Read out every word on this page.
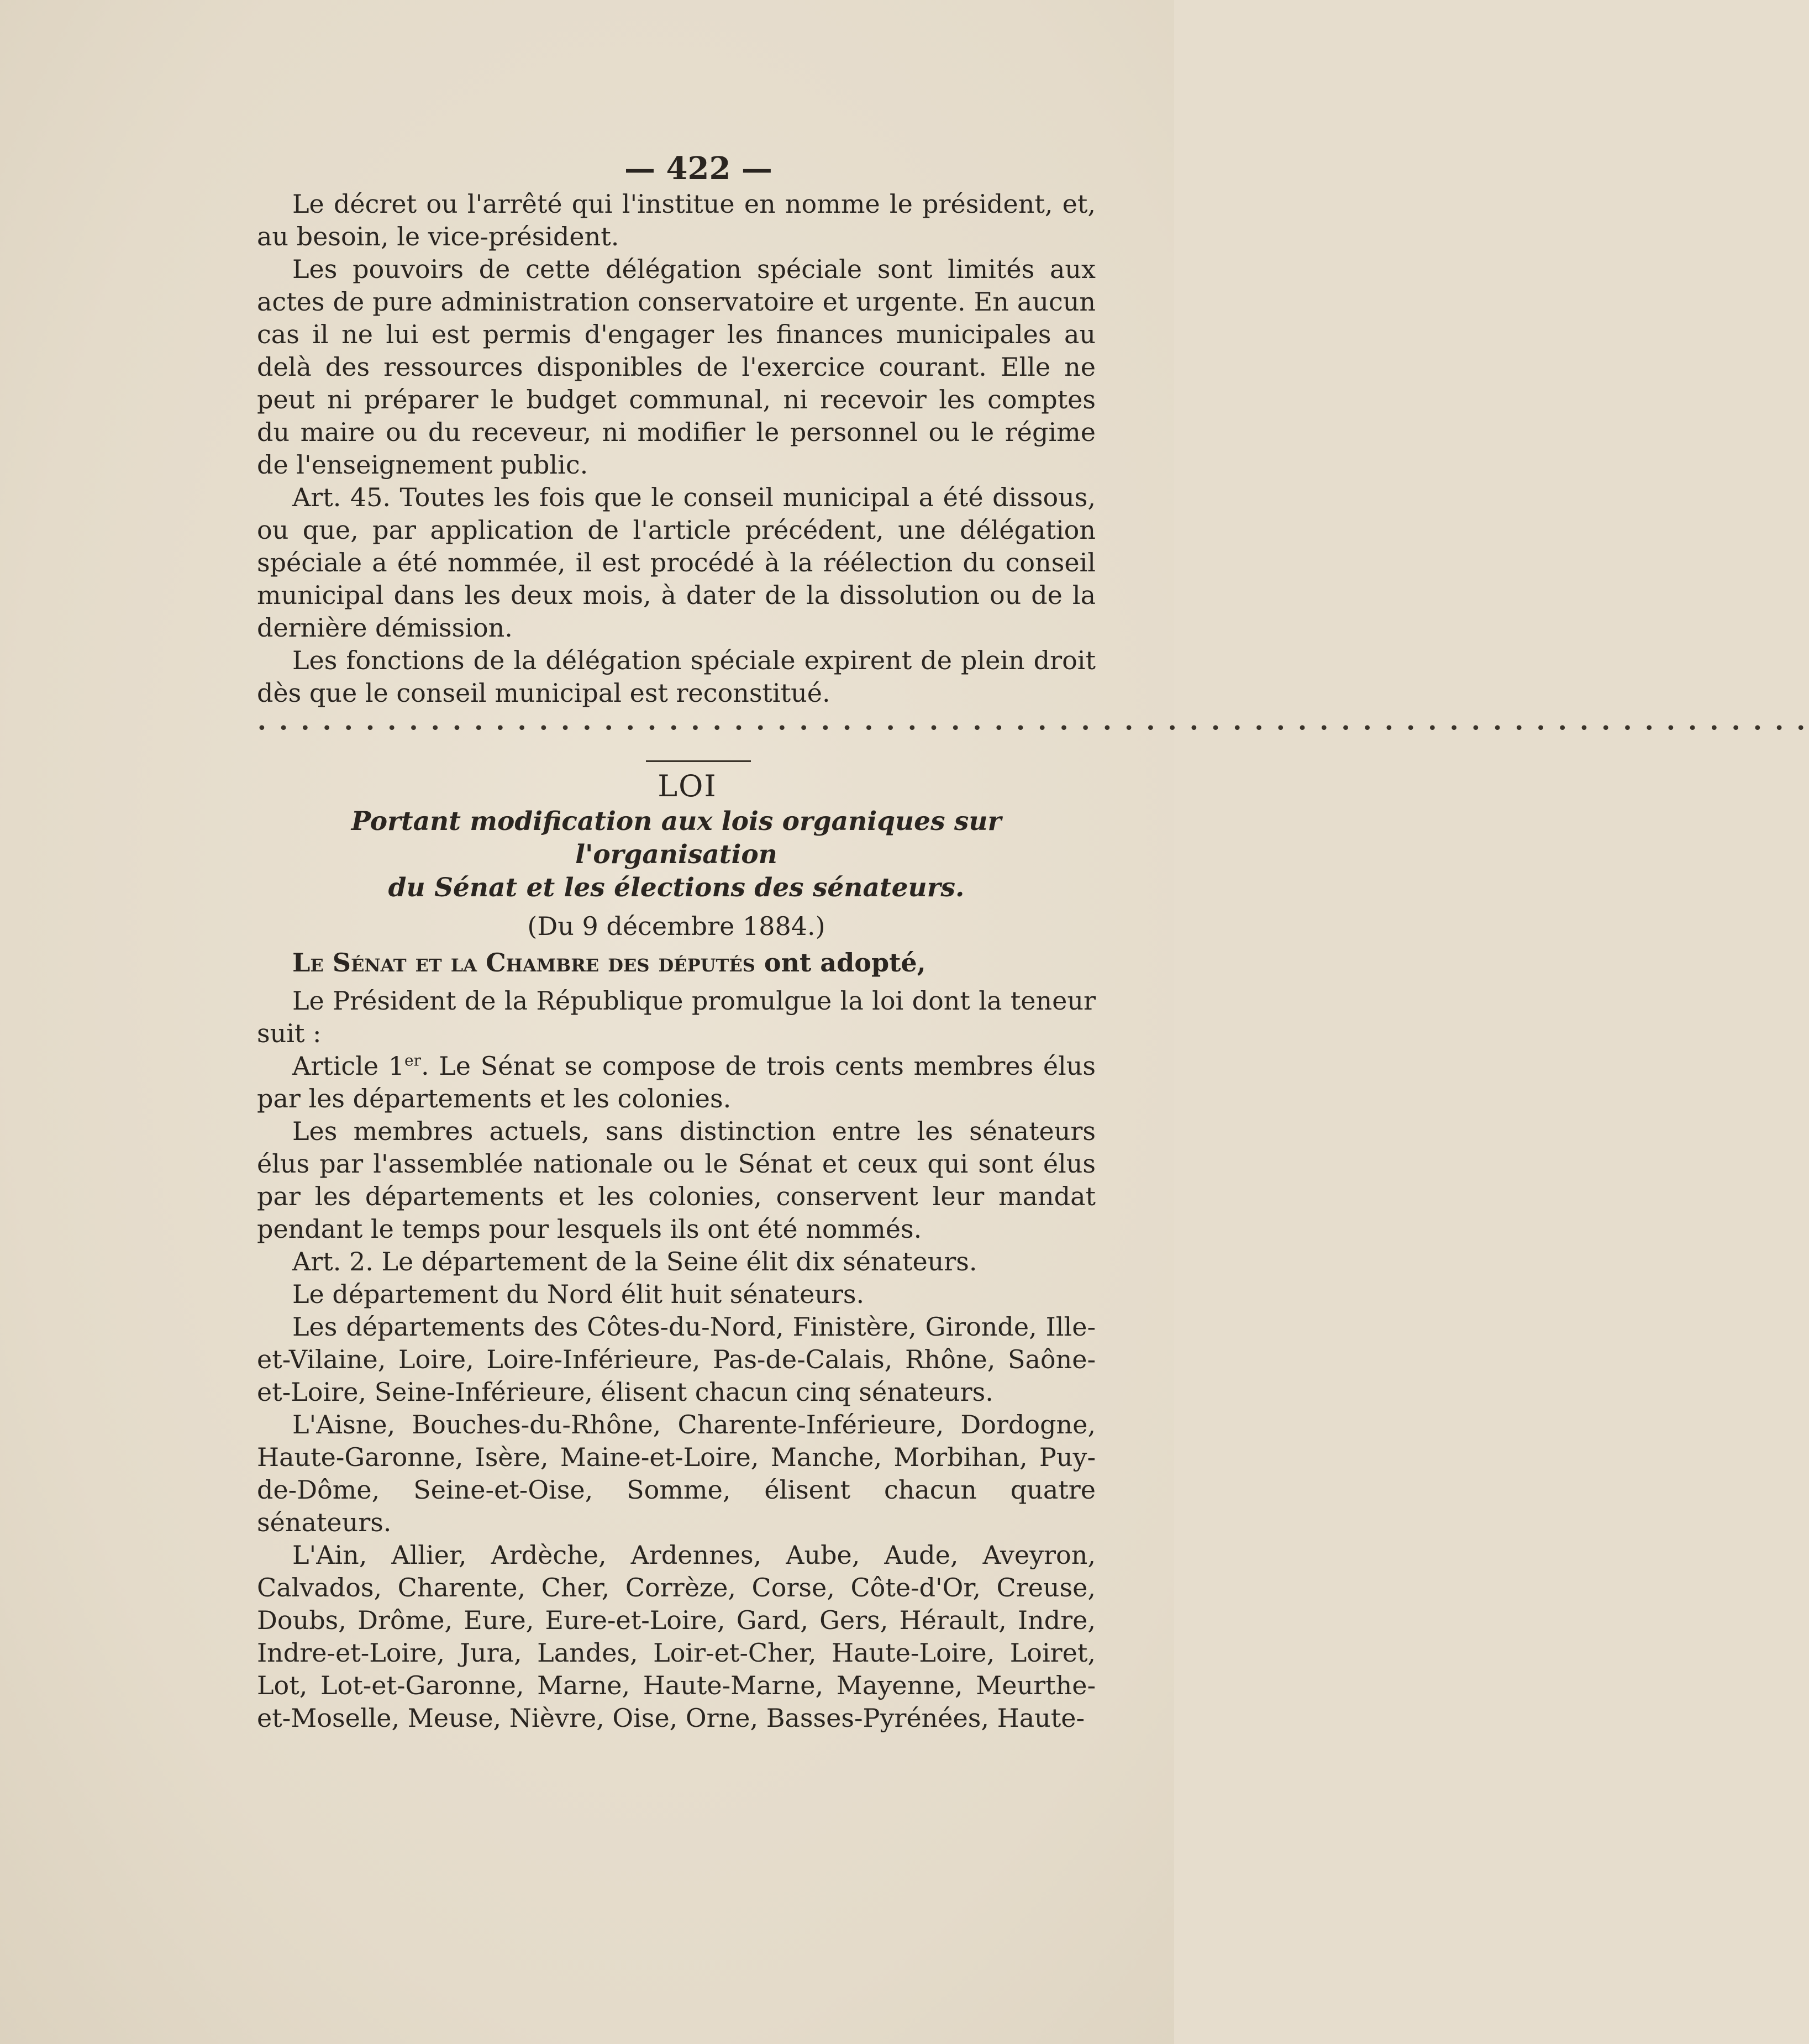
— 422 —

Le décret ou l'arrêté qui l'institue en nomme le président, et, au besoin, le vice-président.

Les pouvoirs de cette délégation spéciale sont limités aux actes de pure administration conservatoire et urgente. En aucun cas il ne lui est permis d'engager les finances municipales au delà des ressources disponibles de l'exercice courant. Elle ne peut ni préparer le budget communal, ni recevoir les comptes du maire ou du receveur, ni modifier le personnel ou le régime de l'enseignement public.

Art. 45. Toutes les fois que le conseil municipal a été dissous, ou que, par application de l'article précédent, une délégation spéciale a été nommée, il est procédé à la réélection du conseil municipal dans les deux mois, à dater de la dissolution ou de la dernière démission.

Les fonctions de la délégation spéciale expirent de plein droit dès que le conseil municipal est reconstitué.

• • • • • • • • • • • • • • • • • • • • • • • • • • • • • • • • • • • • • • • • • • • • • • • • • • • • • • • • • • • • • • • • • • • • • • • •
LOI
Portant modification aux lois organiques sur l'organisation
du Sénat et les élections des sénateurs.
(Du 9 décembre 1884.)

Le Sénat et la Chambre des députés ont adopté,

Le Président de la République promulgue la loi dont la teneur suit :

Article 1er. Le Sénat se compose de trois cents membres élus par les départements et les colonies.

Les membres actuels, sans distinction entre les sénateurs élus par l'assemblée nationale ou le Sénat et ceux qui sont élus par les départements et les colonies, conservent leur mandat pendant le temps pour lesquels ils ont été nommés.

Art. 2. Le département de la Seine élit dix sénateurs.

Le département du Nord élit huit sénateurs.

Les départements des Côtes-du-Nord, Finistère, Gironde, Ille-et-Vilaine, Loire, Loire-Inférieure, Pas-de-Calais, Rhône, Saône-et-Loire, Seine-Inférieure, élisent chacun cinq sénateurs.

L'Aisne, Bouches-du-Rhône, Charente-Inférieure, Dordogne, Haute-Garonne, Isère, Maine-et-Loire, Manche, Morbihan, Puy-de-Dôme, Seine-et-Oise, Somme, élisent chacun quatre sénateurs.

L'Ain, Allier, Ardèche, Ardennes, Aube, Aude, Aveyron, Calvados, Charente, Cher, Corrèze, Corse, Côte-d'Or, Creuse, Doubs, Drôme, Eure, Eure-et-Loire, Gard, Gers, Hérault, Indre, Indre-et-Loire, Jura, Landes, Loir-et-Cher, Haute-Loire, Loiret, Lot, Lot-et-Garonne, Marne, Haute-Marne, Mayenne, Meurthe-et-Moselle, Meuse, Nièvre, Oise, Orne, Basses-Pyrénées, Haute-
